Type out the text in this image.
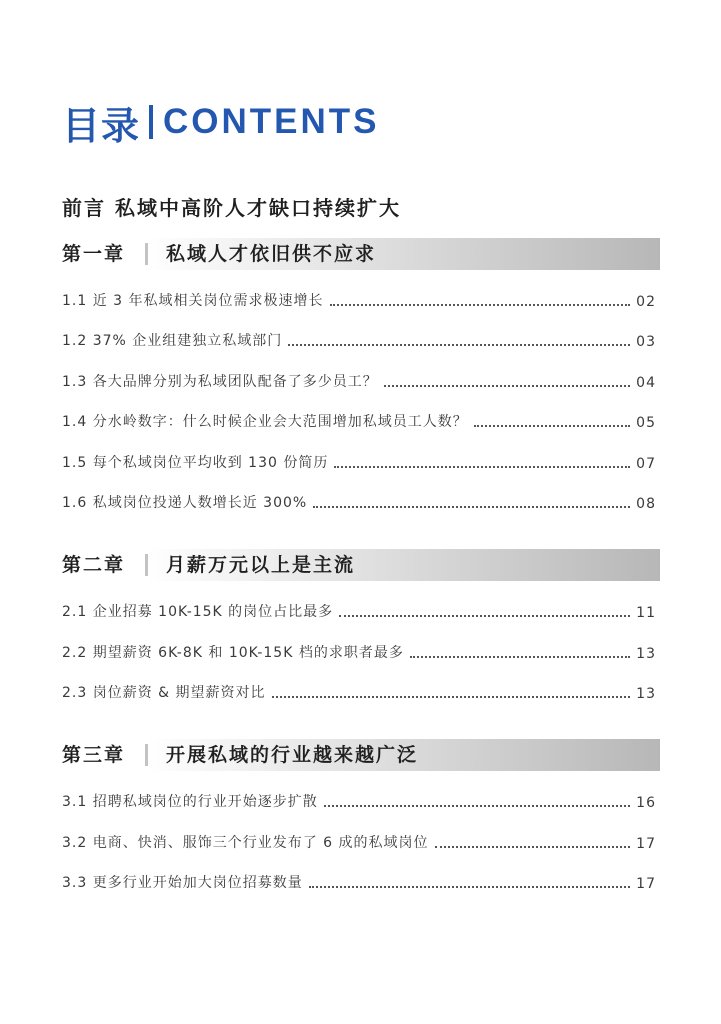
目录 CONTENTS
前言 私域中高阶人才缺口持续扩大
第一章 私域人才依旧供不应求
1.1 近 3 年私域相关岗位需求极速增长	02
1.2 37% 企业组建独立私域部门	03
1.3 各大品牌分别为私域团队配备了多少员工？	04
1.4 分水岭数字：什么时候企业会大范围增加私域员工人数？	05
1.5 每个私域岗位平均收到 130 份简历	07
1.6 私域岗位投递人数增长近 300%	08
第二章 月薪万元以上是主流
2.1 企业招募 10K-15K 的岗位占比最多	11
2.2 期望薪资 6K-8K 和 10K-15K 档的求职者最多	13
2.3 岗位薪资 & 期望薪资对比	13
第三章 开展私域的行业越来越广泛
3.1 招聘私域岗位的行业开始逐步扩散	16
3.2 电商、快消、服饰三个行业发布了 6 成的私域岗位	17
3.3 更多行业开始加大岗位招募数量	17
